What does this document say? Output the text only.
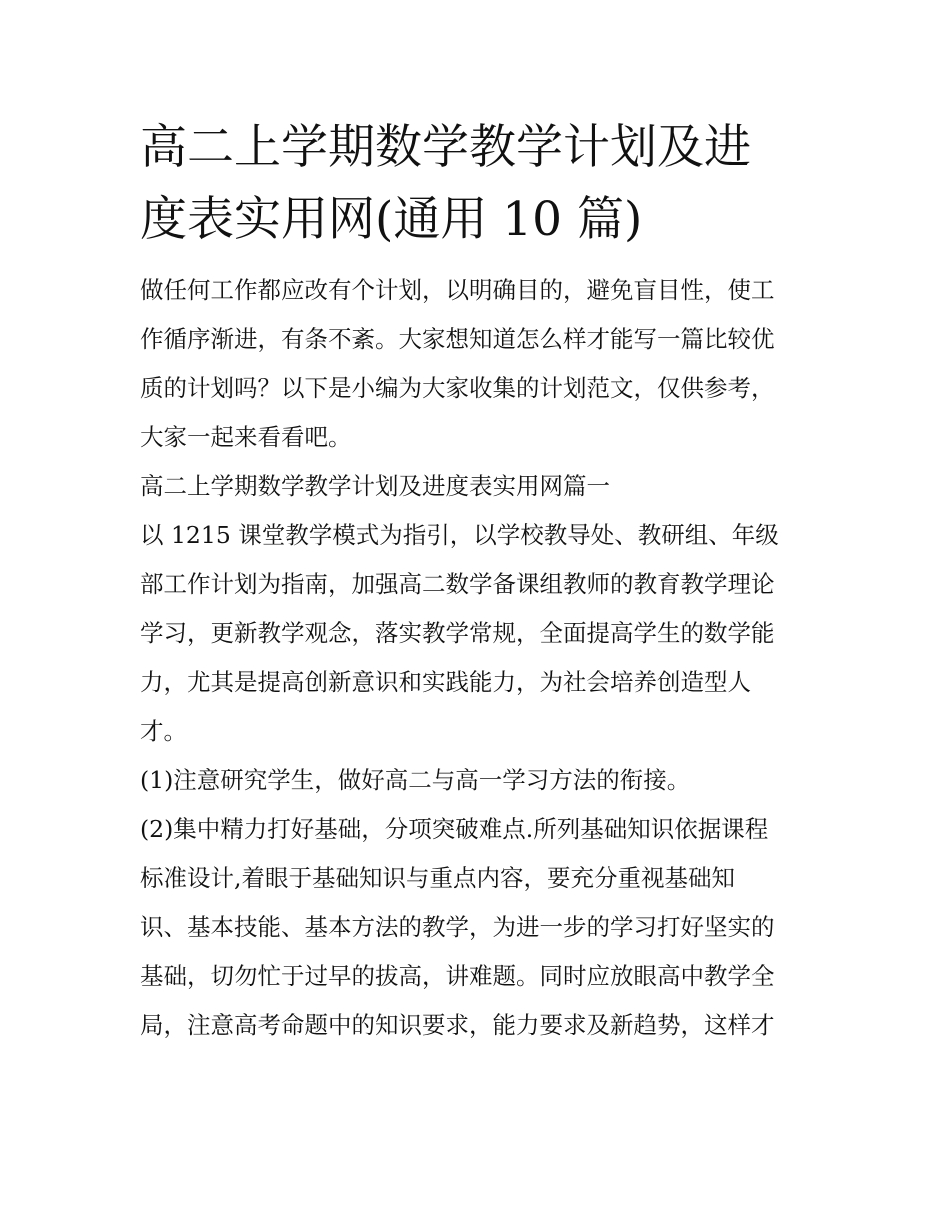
高二上学期数学教学计划及进
度表实用网(通用 10 篇)

做任何工作都应改有个计划，以明确目的，避免盲目性，使工
作循序渐进，有条不紊。大家想知道怎么样才能写一篇比较优
质的计划吗？以下是小编为大家收集的计划范文，仅供参考，
大家一起来看看吧。

高二上学期数学教学计划及进度表实用网篇一

以 1215 课堂教学模式为指引，以学校教导处、教研组、年级
部工作计划为指南，加强高二数学备课组教师的教育教学理论
学习，更新教学观念，落实教学常规，全面提高学生的数学能
力，尤其是提高创新意识和实践能力，为社会培养创造型人
才。

(1)注意研究学生，做好高二与高一学习方法的衔接。

(2)集中精力打好基础，分项突破难点.所列基础知识依据课程
标准设计,着眼于基础知识与重点内容，要充分重视基础知
识、基本技能、基本方法的教学，为进一步的学习打好坚实的
基础，切勿忙于过早的拔高，讲难题。同时应放眼高中教学全
局，注意高考命题中的知识要求，能力要求及新趋势，这样才
